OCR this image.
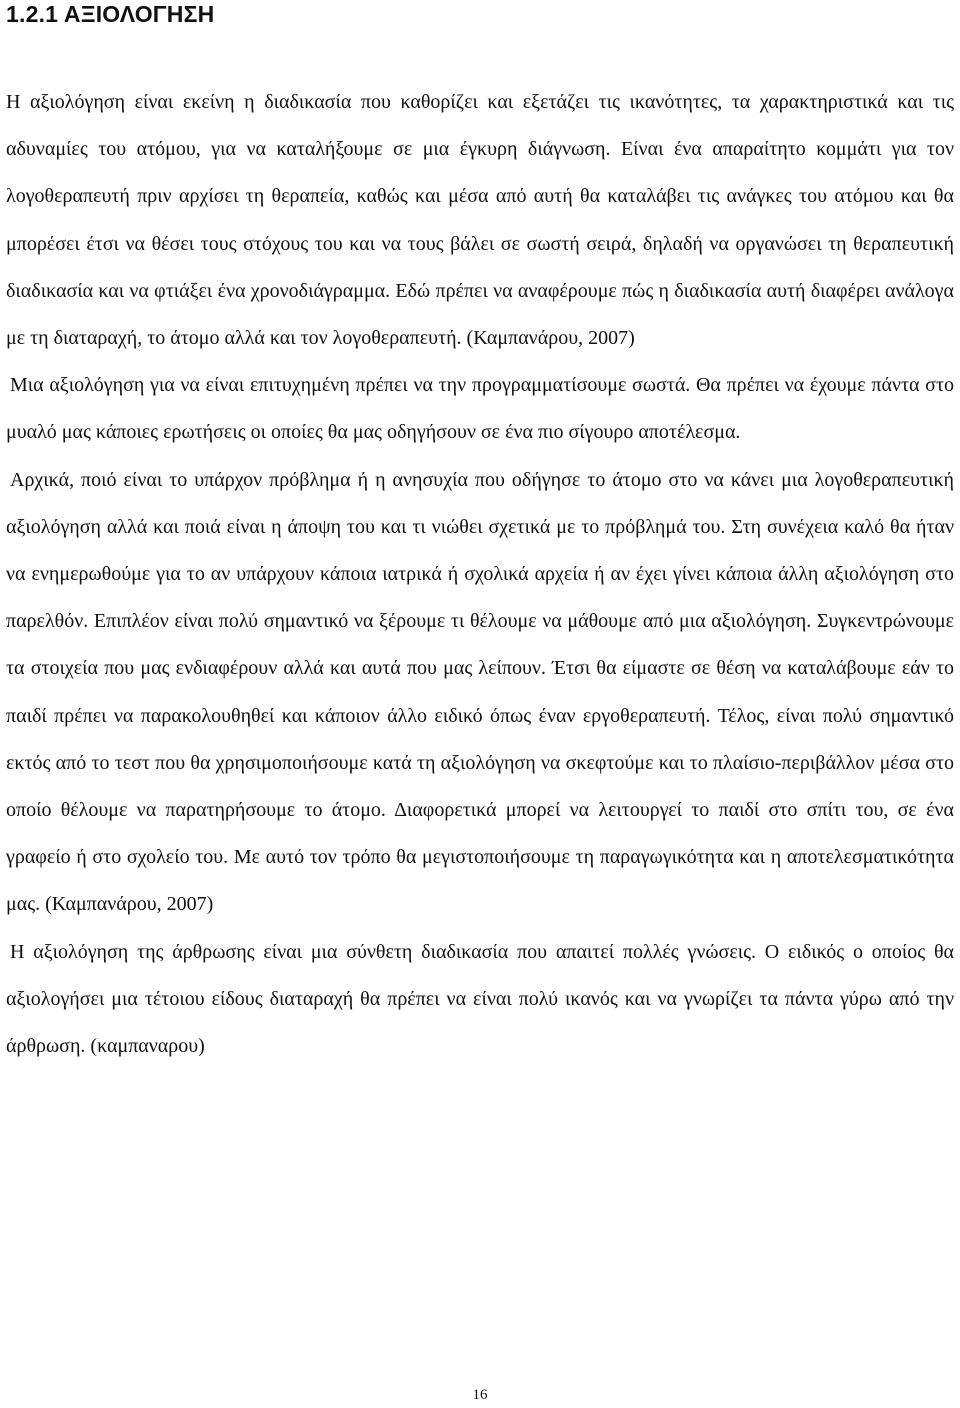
1.2.1 ΑΞΙΟΛΟΓΗΣΗ

Η αξιολόγηση είναι εκείνη η διαδικασία που καθορίζει και εξετάζει τις ικανότητες, τα χαρακτηριστικά και τις αδυναμίες του ατόμου, για να καταλήξουμε σε μια έγκυρη διάγνωση. Είναι ένα απαραίτητο κομμάτι για τον λογοθεραπευτή πριν αρχίσει τη θεραπεία, καθώς και μέσα από αυτή θα καταλάβει τις ανάγκες του ατόμου και θα μπορέσει έτσι να θέσει τους στόχους του και να τους βάλει σε σωστή σειρά, δηλαδή να οργανώσει τη θεραπευτική διαδικασία και να φτιάξει ένα χρονοδιάγραμμα. Εδώ πρέπει να αναφέρουμε πώς η διαδικασία αυτή διαφέρει ανάλογα με τη διαταραχή, το άτομο αλλά και τον λογοθεραπευτή. (Καμπανάρου, 2007)

Μια αξιολόγηση για να είναι επιτυχημένη πρέπει να την προγραμματίσουμε σωστά. Θα πρέπει να έχουμε πάντα στο μυαλό μας κάποιες ερωτήσεις οι οποίες θα μας οδηγήσουν σε ένα πιο σίγουρο αποτέλεσμα.

Αρχικά, ποιό είναι το υπάρχον πρόβλημα ή η ανησυχία που οδήγησε το άτομο στο να κάνει μια λογοθεραπευτική αξιολόγηση αλλά και ποιά είναι η άποψη του και τι νιώθει σχετικά με το πρόβλημά του. Στη συνέχεια καλό θα ήταν να ενημερωθούμε για το αν υπάρχουν κάποια ιατρικά ή σχολικά αρχεία ή αν έχει γίνει κάποια άλλη αξιολόγηση στο παρελθόν. Επιπλέον είναι πολύ σημαντικό να ξέρουμε τι θέλουμε να μάθουμε από μια αξιολόγηση. Συγκεντρώνουμε τα στοιχεία που μας ενδιαφέρουν αλλά και αυτά που μας λείπουν. Έτσι θα είμαστε σε θέση να καταλάβουμε εάν το παιδί πρέπει να παρακολουθηθεί και κάποιον άλλο ειδικό όπως έναν εργοθεραπευτή. Τέλος, είναι πολύ σημαντικό εκτός από το τεστ που θα χρησιμοποιήσουμε κατά τη αξιολόγηση να σκεφτούμε και το πλαίσιο-περιβάλλον μέσα στο οποίο θέλουμε να παρατηρήσουμε το άτομο. Διαφορετικά μπορεί να λειτουργεί το παιδί στο σπίτι του, σε ένα γραφείο ή στο σχολείο του. Με αυτό τον τρόπο θα μεγιστοποιήσουμε τη παραγωγικότητα και η αποτελεσματικότητα μας. (Καμπανάρου, 2007)

Η αξιολόγηση της άρθρωσης είναι μια σύνθετη διαδικασία που απαιτεί πολλές γνώσεις. Ο ειδικός ο οποίος θα αξιολογήσει μια τέτοιου είδους διαταραχή θα πρέπει να είναι πολύ ικανός και να γνωρίζει τα πάντα γύρω από την άρθρωση. (καμπαναρου)

16
